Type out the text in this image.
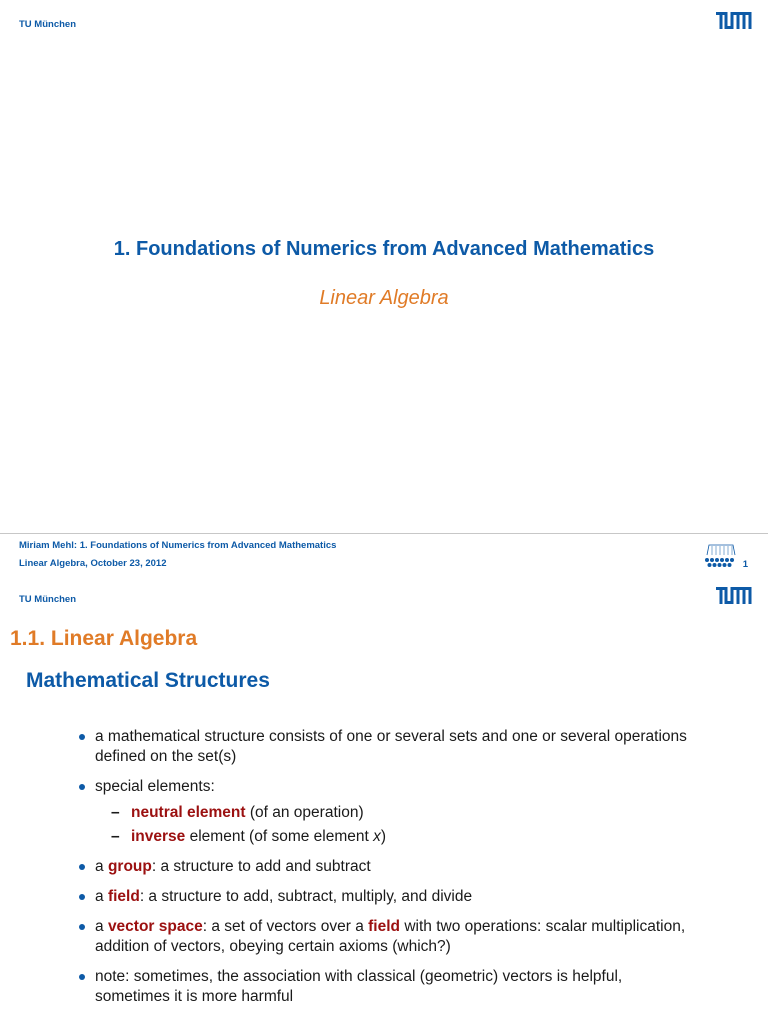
TU München
1. Foundations of Numerics from Advanced Mathematics
Linear Algebra
Miriam Mehl: 1. Foundations of Numerics from Advanced Mathematics
Linear Algebra, October 23, 2012	1
TU München
1.1. Linear Algebra
Mathematical Structures
a mathematical structure consists of one or several sets and one or several operations defined on the set(s)
special elements:
– neutral element (of an operation)
– inverse element (of some element x)
a group: a structure to add and subtract
a field: a structure to add, subtract, multiply, and divide
a vector space: a set of vectors over a field with two operations: scalar multiplication, addition of vectors, obeying certain axioms (which?)
note: sometimes, the association with classical (geometric) vectors is helpful, sometimes it is more harmful
